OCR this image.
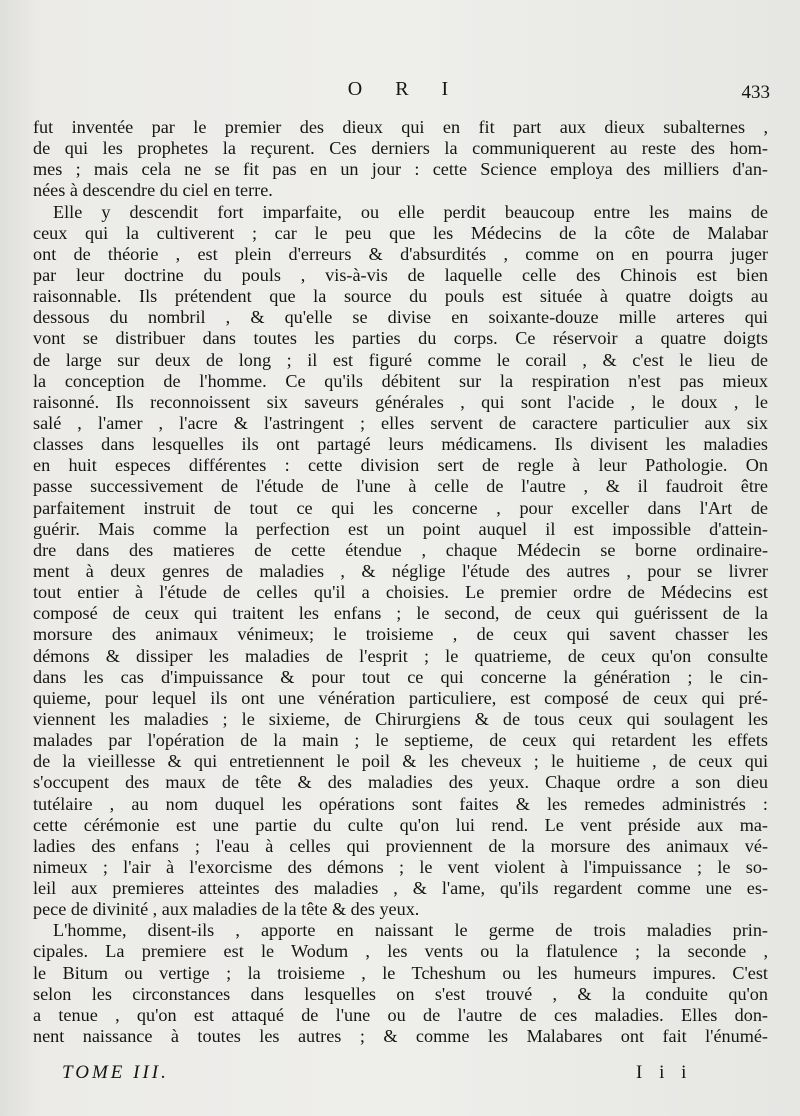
O R I	433
fut inventée par le premier des dieux qui en fit part aux dieux subalternes ,
de qui les prophetes la reçurent. Ces derniers la communiquerent au reste des hom-
mes ; mais cela ne se fit pas en un jour : cette Science employa des milliers d'an-
nées à descendre du ciel en terre.
Elle y descendit fort imparfaite, ou elle perdit beaucoup entre les mains de
ceux qui la cultiverent ; car le peu que les Médecins de la côte de Malabar
ont de théorie , est plein d'erreurs & d'absurdités , comme on en pourra juger
par leur doctrine du pouls , vis-à-vis de laquelle celle des Chinois est bien
raisonnable. Ils prétendent que la source du pouls est située à quatre doigts au
dessous du nombril , & qu'elle se divise en soixante-douze mille arteres qui
vont se distribuer dans toutes les parties du corps. Ce réservoir a quatre doigts
de large sur deux de long ; il est figuré comme le corail , & c'est le lieu de
la conception de l'homme. Ce qu'ils débitent sur la respiration n'est pas mieux
raisonné. Ils reconnoissent six saveurs générales , qui sont l'acide , le doux , le
salé , l'amer , l'acre & l'astringent ; elles servent de caractere particulier aux six
classes dans lesquelles ils ont partagé leurs médicamens. Ils divisent les maladies
en huit especes différentes : cette division sert de regle à leur Pathologie. On
passe successivement de l'étude de l'une à celle de l'autre , & il faudroit être
parfaitement instruit de tout ce qui les concerne , pour exceller dans l'Art de
guérir. Mais comme la perfection est un point auquel il est impossible d'attein-
dre dans des matieres de cette étendue , chaque Médecin se borne ordinaire-
ment à deux genres de maladies , & néglige l'étude des autres , pour se livrer
tout entier à l'étude de celles qu'il a choisies. Le premier ordre de Médecins est
composé de ceux qui traitent les enfans ; le second, de ceux qui guérissent de la
morsure des animaux vénimeux; le troisieme , de ceux qui savent chasser les
démons & dissiper les maladies de l'esprit ; le quatrieme, de ceux qu'on consulte
dans les cas d'impuissance & pour tout ce qui concerne la génération ; le cin-
quieme, pour lequel ils ont une vénération particuliere, est composé de ceux qui pré-
viennent les maladies ; le sixieme, de Chirurgiens & de tous ceux qui soulagent les
malades par l'opération de la main ; le septieme, de ceux qui retardent les effets
de la vieillesse & qui entretiennent le poil & les cheveux ; le huitieme , de ceux qui
s'occupent des maux de tête & des maladies des yeux. Chaque ordre a son dieu
tutélaire , au nom duquel les opérations sont faites & les remedes administrés :
cette cérémonie est une partie du culte qu'on lui rend. Le vent préside aux ma-
ladies des enfans ; l'eau à celles qui proviennent de la morsure des animaux vé-
nimeux ; l'air à l'exorcisme des démons ; le vent violent à l'impuissance ; le so-
leil aux premieres atteintes des maladies , & l'ame, qu'ils regardent comme une es-
pece de divinité , aux maladies de la tête & des yeux.
L'homme, disent-ils , apporte en naissant le germe de trois maladies prin-
cipales. La premiere est le Wodum , les vents ou la flatulence ; la seconde ,
le Bitum ou vertige ; la troisieme , le Tcheshum ou les humeurs impures. C'est
selon les circonstances dans lesquelles on s'est trouvé , & la conduite qu'on
a tenue , qu'on est attaqué de l'une ou de l'autre de ces maladies. Elles don-
nent naissance à toutes les autres ; & comme les Malabares ont fait l'énumé-
TOME III.	I i i
